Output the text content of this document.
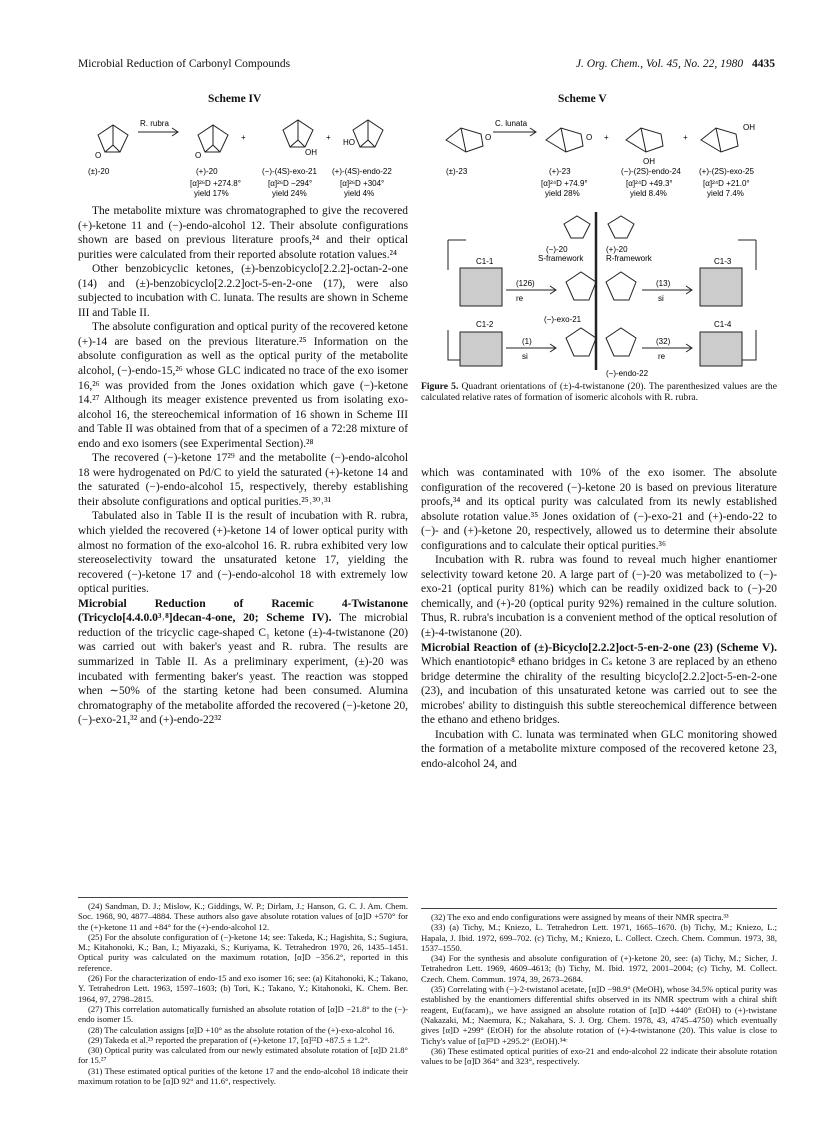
Microbial Reduction of Carbonyl Compounds	J. Org. Chem., Vol. 45, No. 22, 1980 4435
Scheme IV
R. rubra
O	O	OH
HO
+	+
(±)-20	(+)-20	(−)-(4S)-exo-21 (+)-(4S)-endo-22
[α]²⁶D +274.8°	[α]²⁶D −294°	[α]²⁶D +304°
yield 17%	yield 24%	yield 4%
Scheme V
C. lunata
O	O
OH
OH
+	+
(±)-23	(+)-23	(−)-(2S)-endo-24 (+)-(2S)-exo-25
[α]²⁴D +74.9°	[α]²⁴D +49.3°	[α]²⁴D +21.0°
yield 28%	yield 8.4%	yield 7.4%
(−)-20
S-framework
(+)-20
R-framework
C1-1
C1-2
C1-3
C1-4
(126)
re
(13)
si
(1)
si
(32)
re
(−)-exo-21
(−)-endo-22
Figure 5. Quadrant orientations of (±)-4-twistanone (20). The parenthesized values are the calculated relative rates of formation of isomeric alcohols with R. rubra.

The metabolite mixture was chromatographed to give the recovered (+)-ketone 11 and (−)-endo-alcohol 12. Their absolute configurations shown are based on previous literature proofs,²⁴ and their optical purities were calculated from their reported absolute rotation values.²⁴

Other benzobicyclic ketones, (±)-benzobicyclo[2.2.2]-octan-2-one (14) and (±)-benzobicyclo[2.2.2]oct-5-en-2-one (17), were also subjected to incubation with C. lunata. The results are shown in Scheme III and Table II.

The absolute configuration and optical purity of the recovered ketone (+)-14 are based on the previous literature.²⁵ Information on the absolute configuration as well as the optical purity of the metabolite alcohol, (−)-endo-15,²⁶ whose GLC indicated no trace of the exo isomer 16,²⁶ was provided from the Jones oxidation which gave (−)-ketone 14.²⁷ Although its meager existence prevented us from isolating exo-alcohol 16, the stereochemical information of 16 shown in Scheme III and Table II was obtained from that of a specimen of a 72:28 mixture of endo and exo isomers (see Experimental Section).²⁸

The recovered (−)-ketone 17²⁹ and the metabolite (−)-endo-alcohol 18 were hydrogenated on Pd/C to yield the saturated (+)-ketone 14 and the saturated (−)-endo-alcohol 15, respectively, thereby establishing their absolute configurations and optical purities.²⁵˒³⁰˒³¹

Tabulated also in Table II is the result of incubation with R. rubra, which yielded the recovered (+)-ketone 14 of lower optical purity with almost no formation of the exo-alcohol 16. R. rubra exhibited very low stereoselectivity toward the unsaturated ketone 17, yielding the recovered (−)-ketone 17 and (−)-endo-alcohol 18 with extremely low optical purities.

Microbial Reduction of Racemic 4-Twistanone (Tricyclo[4.4.0.0³˒⁸]decan-4-one, 20; Scheme IV). The microbial reduction of the tricyclic cage-shaped C₁ ketone (±)-4-twistanone (20) was carried out with baker's yeast and R. rubra. The results are summarized in Table II. As a preliminary experiment, (±)-20 was incubated with fermenting baker's yeast. The reaction was stopped when ∼50% of the starting ketone had been consumed. Alumina chromatography of the metabolite afforded the recovered (−)-ketone 20, (−)-exo-21,³² and (+)-endo-22³²

which was contaminated with 10% of the exo isomer. The absolute configuration of the recovered (−)-ketone 20 is based on previous literature proofs,³⁴ and its optical purity was calculated from its newly established absolute rotation value.³⁵ Jones oxidation of (−)-exo-21 and (+)-endo-22 to (−)- and (+)-ketone 20, respectively, allowed us to determine their absolute configurations and to calculate their optical purities.³⁶

Incubation with R. rubra was found to reveal much higher enantiomer selectivity toward ketone 20. A large part of (−)-20 was metabolized to (−)-exo-21 (optical purity 81%) which can be readily oxidized back to (−)-20 chemically, and (+)-20 (optical purity 92%) remained in the culture solution. Thus, R. rubra's incubation is a convenient method of the optical resolution of (±)-4-twistanone (20).

Microbial Reaction of (±)-Bicyclo[2.2.2]oct-5-en-2-one (23) (Scheme V). Which enantiotopic⁸ ethano bridges in Cₛ ketone 3 are replaced by an etheno bridge determine the chirality of the resulting bicyclo[2.2.2]oct-5-en-2-one (23), and incubation of this unsaturated ketone was carried out to see the microbes' ability to distinguish this subtle stereochemical difference between the ethano and etheno bridges.

Incubation with C. lunata was terminated when GLC monitoring showed the formation of a metabolite mixture composed of the recovered ketone 23, endo-alcohol 24, and

(24) Sandman, D. J.; Mislow, K.; Giddings, W. P.; Dirlam, J.; Hanson, G. C. J. Am. Chem. Soc. 1968, 90, 4877–4884. These authors also gave absolute rotation values of [α]D +570° for the (+)-ketone 11 and +84° for the (+)-endo-alcohol 12.

(25) For the absolute configuration of (−)-ketone 14; see: Takeda, K.; Hagishita, S.; Sugiura, M.; Kitahonoki, K.; Ban, I.; Miyazaki, S.; Kuriyama, K. Tetrahedron 1970, 26, 1435–1451. Optical purity was calculated on the maximum rotation, [α]D −356.2°, reported in this reference.

(26) For the characterization of endo-15 and exo isomer 16; see: (a) Kitahonoki, K.; Takano, Y. Tetrahedron Lett. 1963, 1597–1603; (b) Tori, K.; Takano, Y.; Kitahonoki, K. Chem. Ber. 1964, 97, 2798–2815.

(27) This correlation automatically furnished an absolute rotation of [α]D −21.8° to the (−)-endo isomer 15.

(28) The calculation assigns [α]D +10° as the absolute rotation of the (+)-exo-alcohol 16.

(29) Takeda et al.²⁵ reported the preparation of (+)-ketone 17, [α]²²D +87.5 ± 1.2°.

(30) Optical purity was calculated from our newly estimated absolute rotation of [α]D 21.8° for 15.²⁷

(31) These estimated optical purities of the ketone 17 and the endo-alcohol 18 indicate their maximum rotation to be [α]D 92° and 11.6°, respectively.

(32) The exo and endo configurations were assigned by means of their NMR spectra.³³

(33) (a) Tichy, M.; Kniezo, L. Tetrahedron Lett. 1971, 1665–1670. (b) Tichy, M.; Kniezo, L.; Hapala, J. Ibid. 1972, 699–702. (c) Tichy, M.; Kniezo, L. Collect. Czech. Chem. Commun. 1973, 38, 1537–1550.

(34) For the synthesis and absolute configuration of (+)-ketone 20, see: (a) Tichy, M.; Sicher, J. Tetrahedron Lett. 1969, 4609–4613; (b) Tichy, M. Ibid. 1972, 2001–2004; (c) Tichy, M. Collect. Czech. Chem. Commun. 1974, 39, 2673–2684.

(35) Correlating with (−)-2-twistanol acetate, [α]D −98.9° (MeOH), whose 34.5% optical purity was established by the enantiomers differential shifts observed in its NMR spectrum with a chiral shift reagent, Eu(facam)₃, we have assigned an absolute rotation of [α]D +440° (EtOH) to (+)-twistane (Nakazaki, M.; Naemura, K.; Nakahara, S. J. Org. Chem. 1978, 43, 4745–4750) which eventually gives [α]D +299° (EtOH) for the absolute rotation of (+)-4-twistanone (20). This value is close to Tichy's value of [α]²⁵D +295.2° (EtOH).³⁴ᶜ

(36) These estimated optical purities of exo-21 and endo-alcohol 22 indicate their absolute rotation values to be [α]D 364° and 323°, respectively.
